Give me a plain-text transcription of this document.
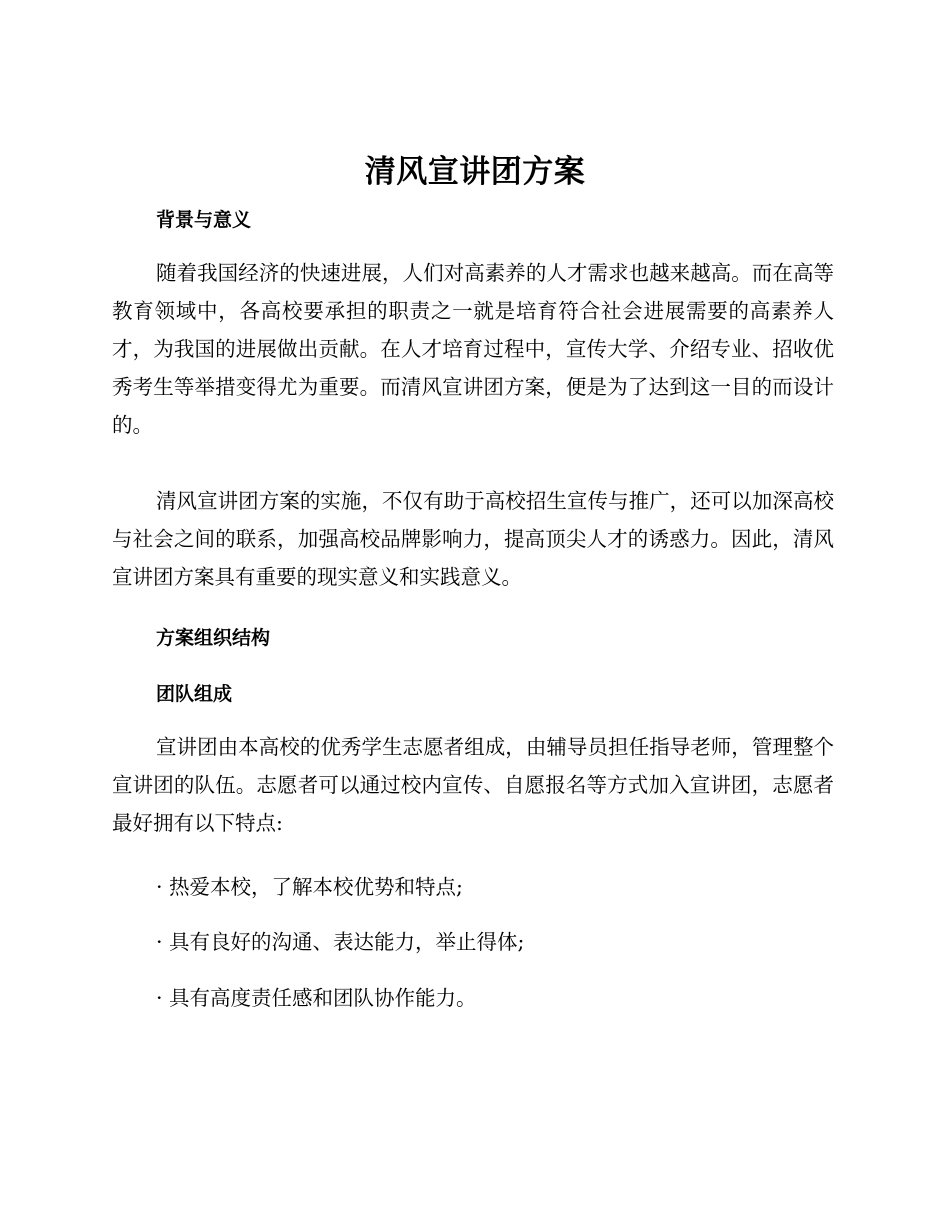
清风宣讲团方案
背景与意义

随着我国经济的快速进展，人们对高素养的人才需求也越来越高。而在高等教育领域中，各高校要承担的职责之一就是培育符合社会进展需要的高素养人才，为我国的进展做出贡献。在人才培育过程中，宣传大学、介绍专业、招收优秀考生等举措变得尤为重要。而清风宣讲团方案，便是为了达到这一目的而设计的。

清风宣讲团方案的实施，不仅有助于高校招生宣传与推广，还可以加深高校与社会之间的联系，加强高校品牌影响力，提高顶尖人才的诱惑力。因此，清风宣讲团方案具有重要的现实意义和实践意义。

方案组织结构
团队组成

宣讲团由本高校的优秀学生志愿者组成，由辅导员担任指导老师，管理整个宣讲团的队伍。志愿者可以通过校内宣传、自愿报名等方式加入宣讲团，志愿者最好拥有以下特点:

· 热爱本校，了解本校优势和特点;
· 具有良好的沟通、表达能力，举止得体;
· 具有高度责任感和团队协作能力。
